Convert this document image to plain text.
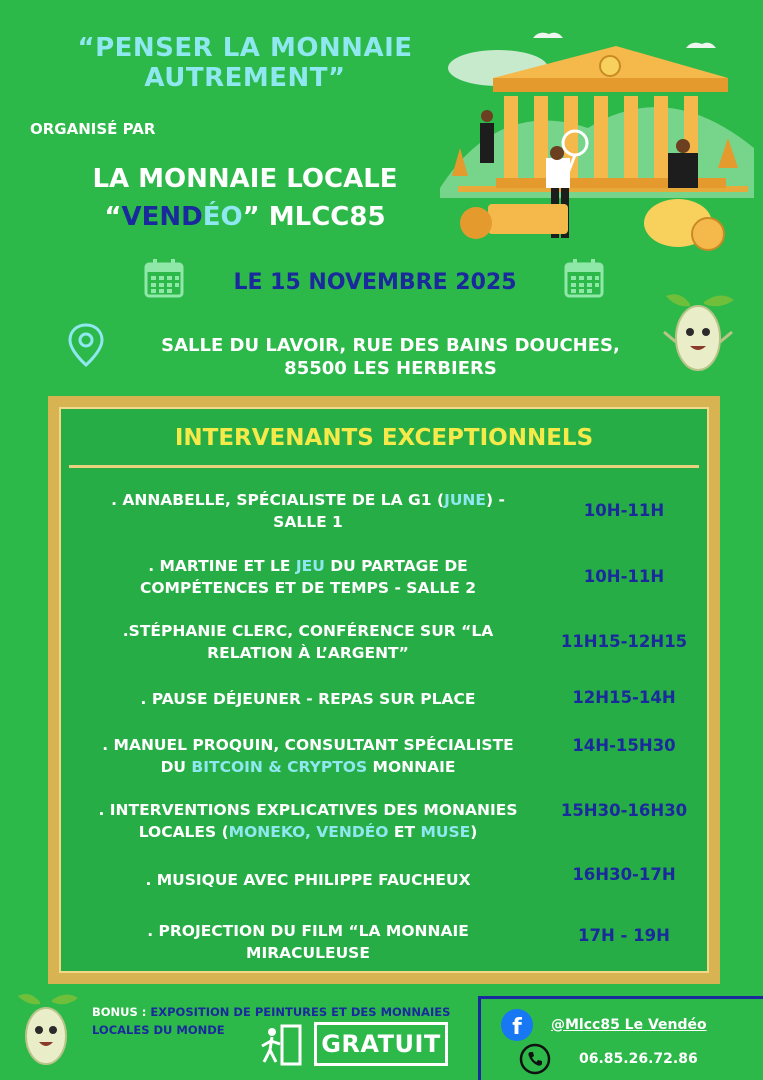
“PENSER LA MONNAIE
AUTREMENT”
ORGANISÉ PAR
LA MONNAIE LOCALE
“VENDÉO” MLCC85
LE 15 NOVEMBRE 2025
SALLE DU LAVOIR, RUE DES BAINS DOUCHES,
85500 LES HERBIERS
INTERVENANTS EXCEPTIONNELS
. ANNABELLE, SPÉCIALISTE DE LA G1 (JUNE) -
SALLE 1
10H-11H
. MARTINE ET LE JEU DU PARTAGE DE
COMPÉTENCES ET DE TEMPS - SALLE 2
10H-11H
.STÉPHANIE CLERC, CONFÉRENCE SUR “LA
RELATION À L’ARGENT”
11H15-12H15
. PAUSE DÉJEUNER - REPAS SUR PLACE	12H15-14H
. MANUEL PROQUIN, CONSULTANT SPÉCIALISTE
DU BITCOIN & CRYPTOS MONNAIE
14H-15H30
. INTERVENTIONS EXPLICATIVES DES MONANIES
LOCALES (MONEKO, VENDÉO ET MUSE)
15H30-16H30
. MUSIQUE AVEC PHILIPPE FAUCHEUX	16H30-17H
. PROJECTION DU FILM “LA MONNAIE
MIRACULEUSE
17H - 19H
BONUS : EXPOSITION DE PEINTURES ET DES MONNAIES
LOCALES DU MONDE	GRATUIT
f @Mlcc85 Le Vendéo
06.85.26.72.86
